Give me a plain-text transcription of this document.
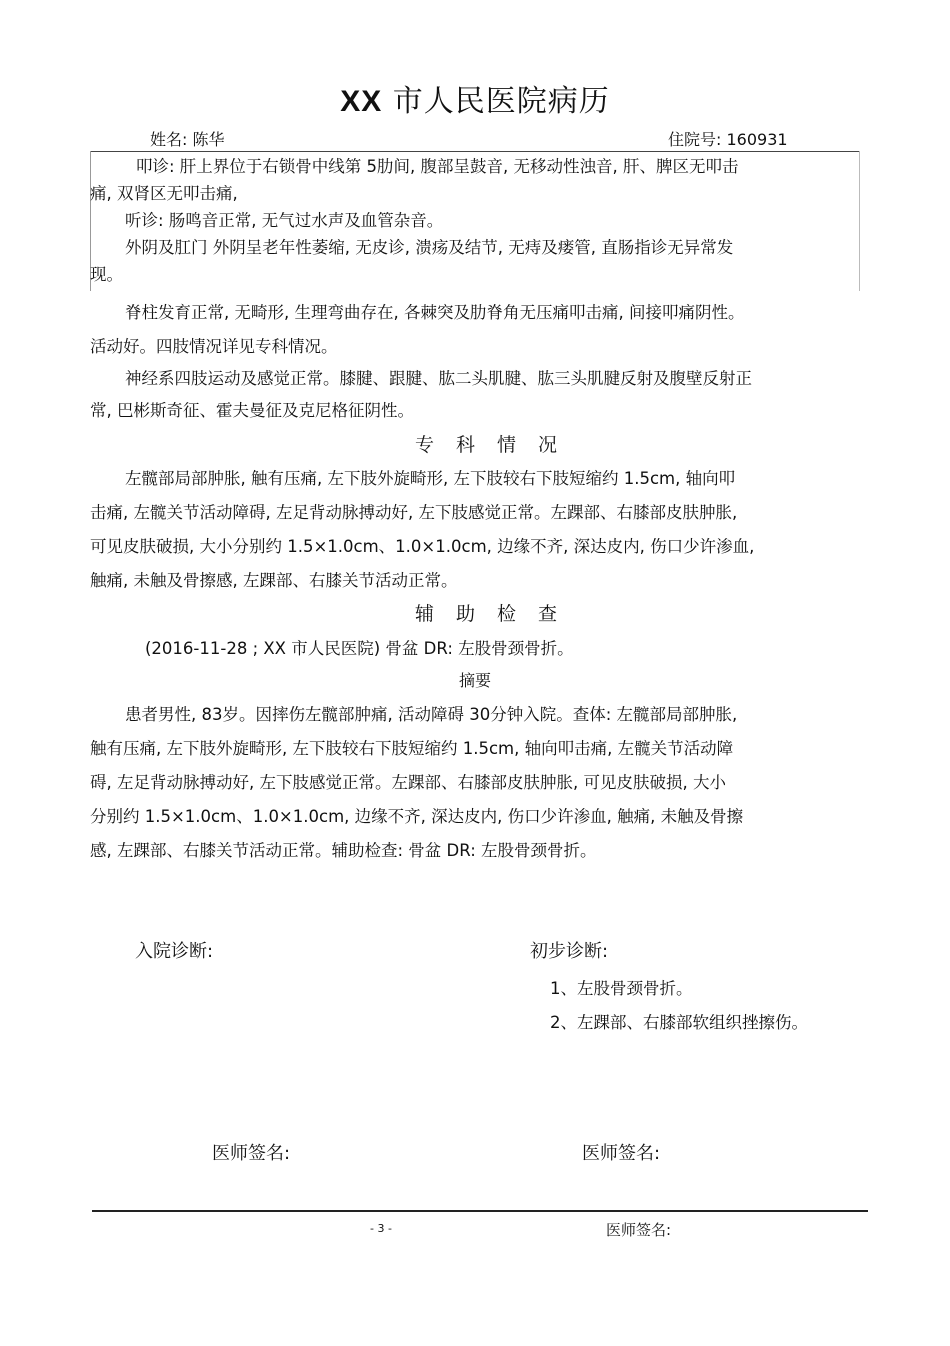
XX 市人民医院病历
姓名: 陈华	住院号: 160931
叩诊: 肝上界位于右锁骨中线第 5肋间, 腹部呈鼓音, 无移动性浊音, 肝、脾区无叩击
痛, 双肾区无叩击痛,
听诊: 肠鸣音正常, 无气过水声及血管杂音。
外阴及肛门 外阴呈老年性萎缩, 无皮诊, 溃疡及结节, 无痔及瘘管, 直肠指诊无异常发
现。
脊柱发育正常, 无畸形, 生理弯曲存在, 各棘突及肋脊角无压痛叩击痛, 间接叩痛阴性。
活动好。四肢情况详见专科情况。
神经系四肢运动及感觉正常。膝腱、跟腱、肱二头肌腱、肱三头肌腱反射及腹壁反射正
常, 巴彬斯奇征、霍夫曼征及克尼格征阴性。
专科情况
左髋部局部肿胀, 触有压痛, 左下肢外旋畸形, 左下肢较右下肢短缩约 1.5cm, 轴向叩
击痛, 左髋关节活动障碍, 左足背动脉搏动好, 左下肢感觉正常。左踝部、右膝部皮肤肿胀,
可见皮肤破损, 大小分别约 1.5×1.0cm、1.0×1.0cm, 边缘不齐, 深达皮内, 伤口少许渗血,
触痛, 未触及骨擦感, 左踝部、右膝关节活动正常。
辅助检查
(2016-11-28 ; XX 市人民医院) 骨盆 DR: 左股骨颈骨折。
摘要
患者男性, 83岁。因摔伤左髋部肿痛, 活动障碍 30分钟入院。查体: 左髋部局部肿胀,
触有压痛, 左下肢外旋畸形, 左下肢较右下肢短缩约 1.5cm, 轴向叩击痛, 左髋关节活动障
碍, 左足背动脉搏动好, 左下肢感觉正常。左踝部、右膝部皮肤肿胀, 可见皮肤破损, 大小
分别约 1.5×1.0cm、1.0×1.0cm, 边缘不齐, 深达皮内, 伤口少许渗血, 触痛, 未触及骨擦
感, 左踝部、右膝关节活动正常。辅助检查: 骨盆 DR: 左股骨颈骨折。
入院诊断:	初步诊断:
1、左股骨颈骨折。
2、左踝部、右膝部软组织挫擦伤。
医师签名:	医师签名:
- 3 -	医师签名:
